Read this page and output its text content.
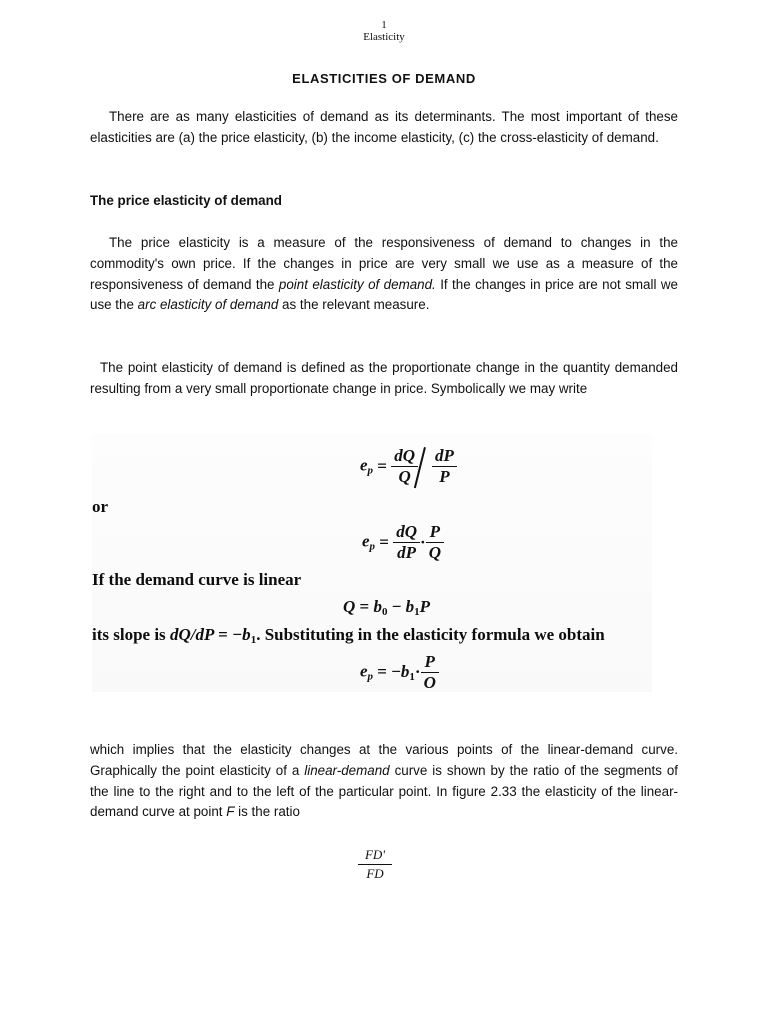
1
Elasticity
ELASTICITIES OF DEMAND

There are as many elasticities of demand as its determinants. The most important of these elasticities are (a) the price elasticity, (b) the income elasticity, (c) the cross-elasticity of demand.

The price elasticity of demand

The price elasticity is a measure of the responsiveness of demand to changes in the commodity's own price. If the changes in price are very small we use as a measure of the responsiveness of demand the point elasticity of demand. If the changes in price are not small we use the arc elasticity of demand as the relevant measure.

The point elasticity of demand is defined as the proportionate change in the quantity demanded resulting from a very small proportionate change in price. Symbolically we may write

$e_p = \frac{dQ}{Q} \frac{dP}{P}$
or
$e_p = \frac{dQ}{dP} \cdot \frac{P}{Q}$
If the demand curve is linear
$Q = b_0 - b_1P$
its slope is $dQ/dP = -b_1$. Substituting in the elasticity formula we obtain
$e_p = -b_1\cdot \frac{P}{O}$

which implies that the elasticity changes at the various points of the linear-demand curve. Graphically the point elasticity of a linear-demand curve is shown by the ratio of the segments of the line to the right and to the left of the particular point. In figure 2.33 the elasticity of the linear-demand curve at point F is the ratio

$\frac{FD'}{FD}$
